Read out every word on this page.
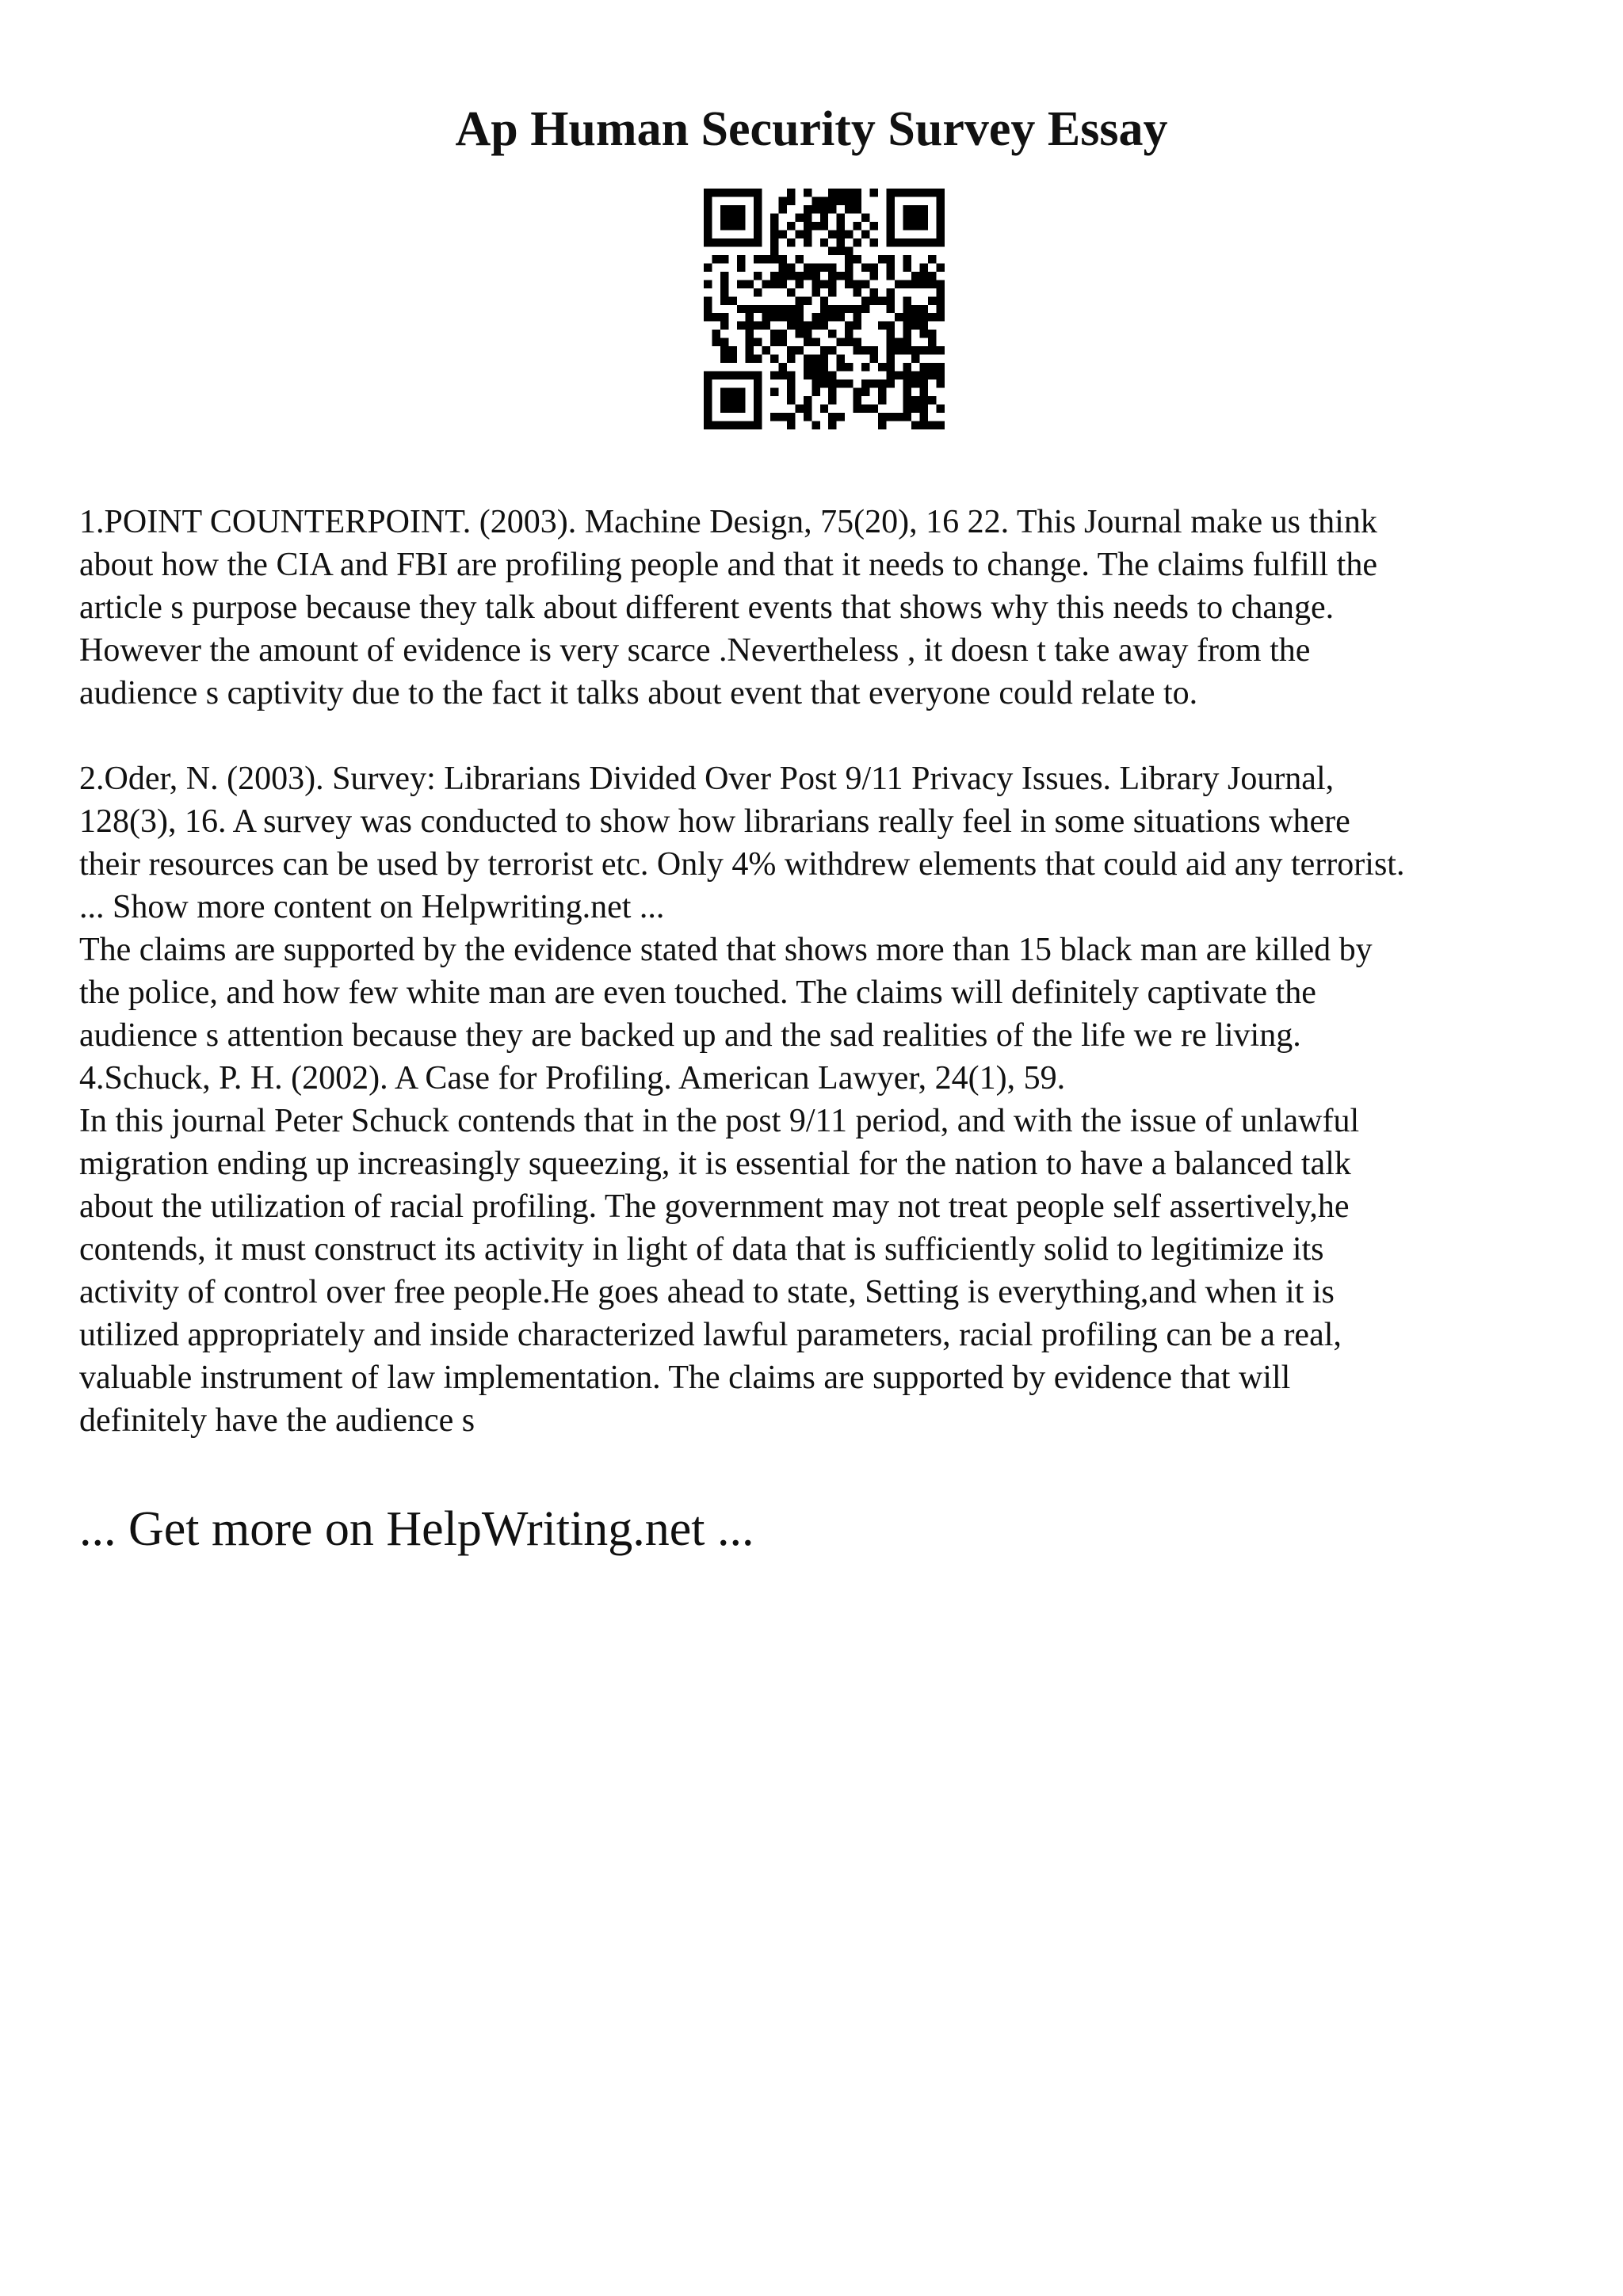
Ap Human Security Survey Essay

1.POINT COUNTERPOINT. (2003). Machine Design, 75(20), 16 22. This Journal make us think

about how the CIA and FBI are profiling people and that it needs to change. The claims fulfill the

article s purpose because they talk about different events that shows why this needs to change.

However the amount of evidence is very scarce .Nevertheless , it doesn t take away from the

audience s captivity due to the fact it talks about event that everyone could relate to.

2.Oder, N. (2003). Survey: Librarians Divided Over Post 9/11 Privacy Issues. Library Journal,

128(3), 16. A survey was conducted to show how librarians really feel in some situations where

their resources can be used by terrorist etc. Only 4% withdrew elements that could aid any terrorist.

... Show more content on Helpwriting.net ...

The claims are supported by the evidence stated that shows more than 15 black man are killed by

the police, and how few white man are even touched. The claims will definitely captivate the

audience s attention because they are backed up and the sad realities of the life we re living.

4.Schuck, P. H. (2002). A Case for Profiling. American Lawyer, 24(1), 59.

In this journal Peter Schuck contends that in the post 9/11 period, and with the issue of unlawful

migration ending up increasingly squeezing, it is essential for the nation to have a balanced talk

about the utilization of racial profiling. The government may not treat people self assertively,he

contends, it must construct its activity in light of data that is sufficiently solid to legitimize its

activity of control over free people.He goes ahead to state, Setting is everything,and when it is

utilized appropriately and inside characterized lawful parameters, racial profiling can be a real,

valuable instrument of law implementation. The claims are supported by evidence that will

definitely have the audience s

... Get more on HelpWriting.net ...
